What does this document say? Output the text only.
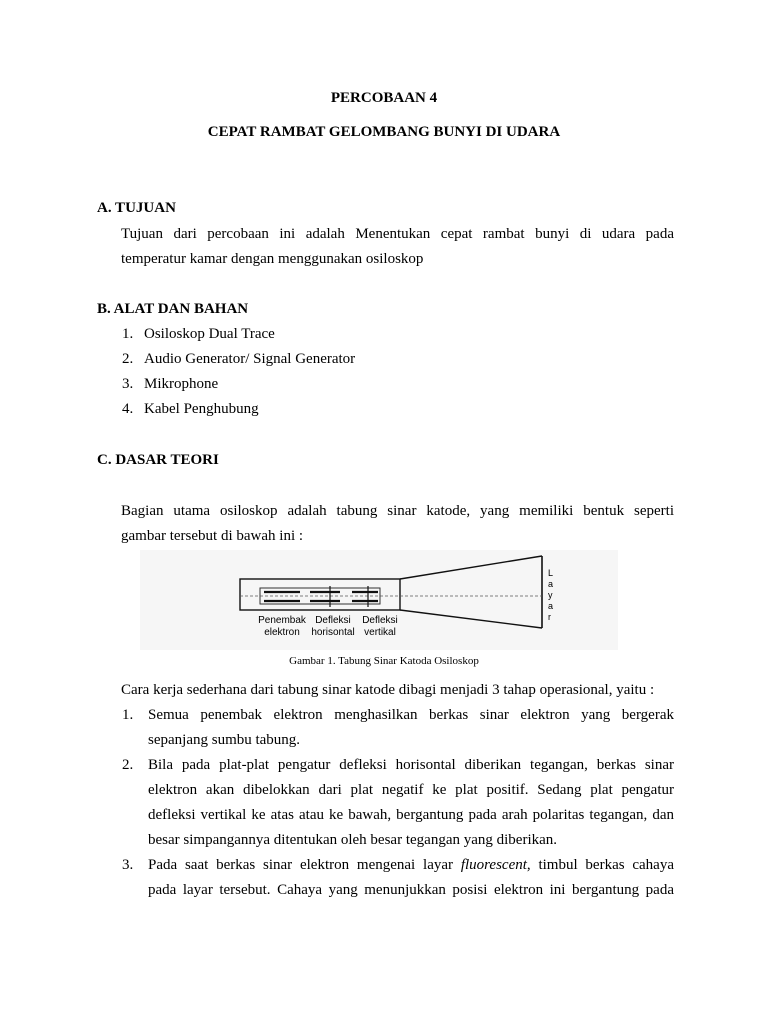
PERCOBAAN 4
CEPAT RAMBAT GELOMBANG BUNYI DI UDARA
A. TUJUAN
Tujuan dari percobaan ini adalah Menentukan cepat rambat bunyi di udara pada
temperatur kamar dengan menggunakan osiloskop
B. ALAT DAN BAHAN
1. Osiloskop Dual Trace
2. Audio Generator/ Signal Generator
3. Mikrophone
4. Kabel Penghubung
C. DASAR TEORI
Bagian utama osiloskop adalah tabung sinar katode, yang memiliki bentuk seperti
gambar tersebut di bawah ini :
Penembak
elektron
Defleksi
horisontal
Defleksi
vertikal
L
a
y
a
r
Gambar 1. Tabung Sinar Katoda Osiloskop
Cara kerja sederhana dari tabung sinar katode dibagi menjadi 3 tahap operasional, yaitu :
1. Semua penembak elektron menghasilkan berkas sinar elektron yang bergerak
sepanjang sumbu tabung.
2. Bila pada plat-plat pengatur defleksi horisontal diberikan tegangan, berkas sinar
elektron akan dibelokkan dari plat negatif ke plat positif. Sedang plat pengatur
defleksi vertikal ke atas atau ke bawah, bergantung pada arah polaritas tegangan, dan
besar simpangannya ditentukan oleh besar tegangan yang diberikan.
3. Pada saat berkas sinar elektron mengenai layar fluorescent, timbul berkas cahaya
pada layar tersebut. Cahaya yang menunjukkan posisi elektron ini bergantung pada
